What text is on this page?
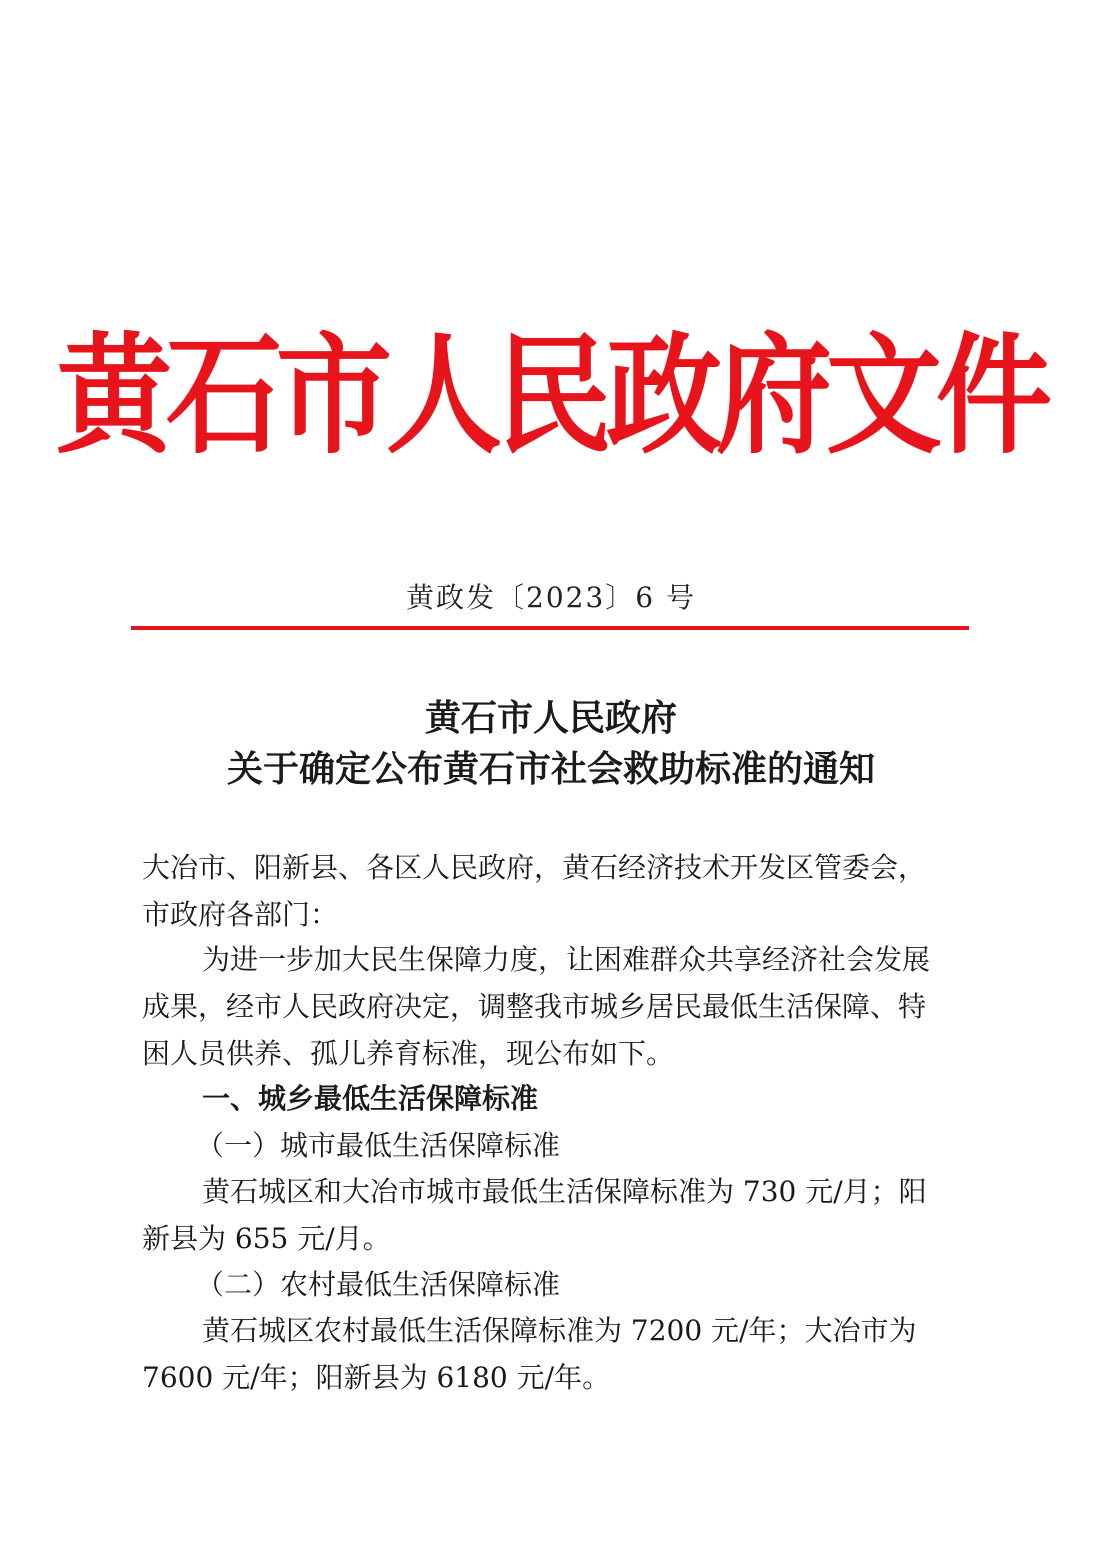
黄石市人民政府文件
黄政发〔2023〕6 号
黄石市人民政府
关于确定公布黄石市社会救助标准的通知
大冶市、阳新县、各区人民政府，黄石经济技术开发区管委会，
市政府各部门：
为进一步加大民生保障力度，让困难群众共享经济社会发展
成果，经市人民政府决定，调整我市城乡居民最低生活保障、特
困人员供养、孤儿养育标准，现公布如下。
一、城乡最低生活保障标准
（一）城市最低生活保障标准
黄石城区和大冶市城市最低生活保障标准为 730 元/月；阳
新县为 655 元/月。
（二）农村最低生活保障标准
黄石城区农村最低生活保障标准为 7200 元/年；大冶市为
7600 元/年；阳新县为 6180 元/年。
